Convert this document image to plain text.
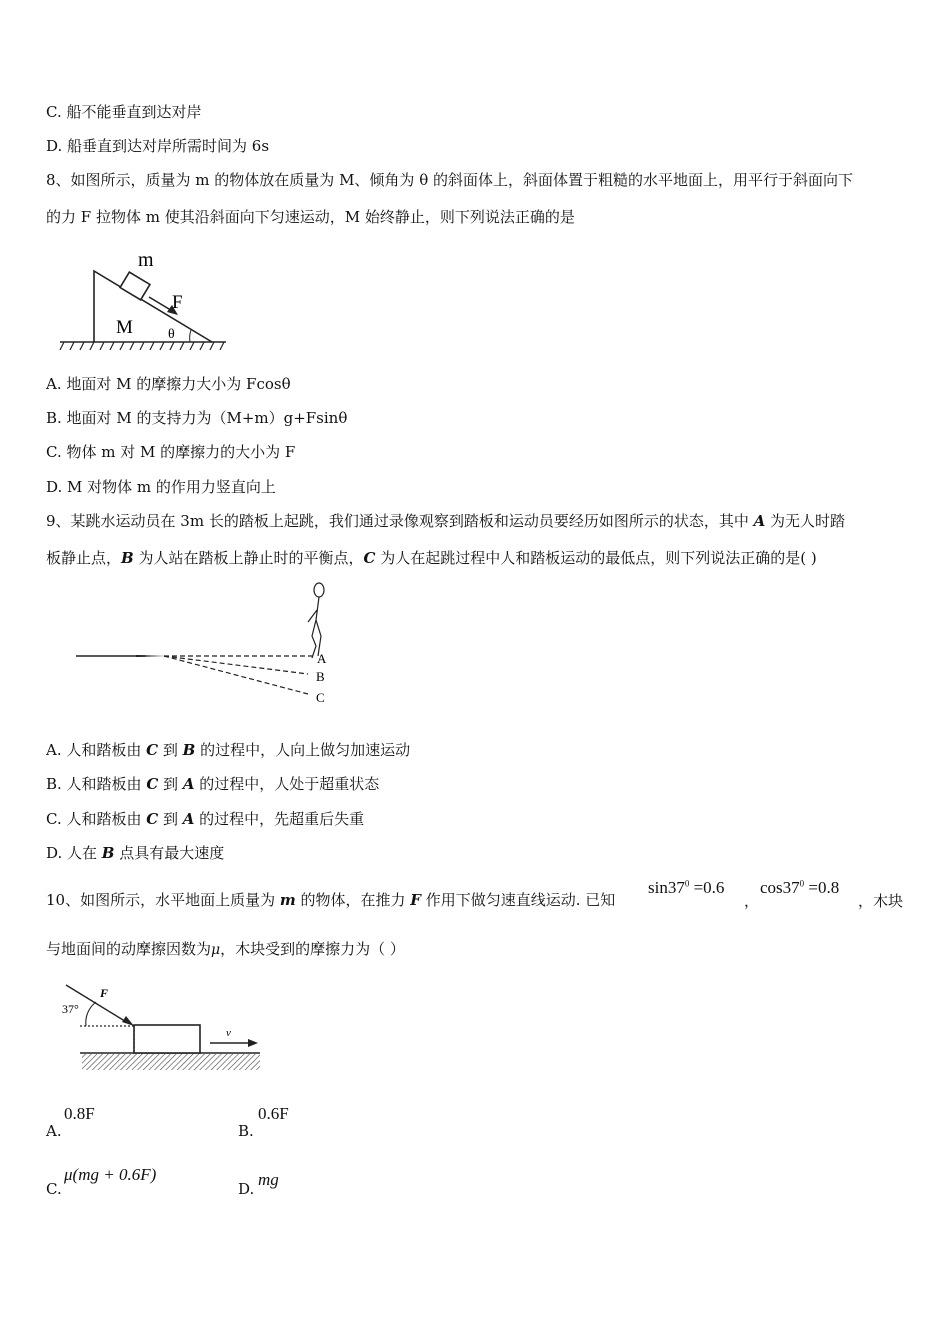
C. 船不能垂直到达对岸
D. 船垂直到达对岸所需时间为 6s
8、如图所示，质量为 m 的物体放在质量为 M、倾角为 θ 的斜面体上，斜面体置于粗糙的水平地面上，用平行于斜面向下
的力 F 拉物体 m 使其沿斜面向下匀速运动，M 始终静止，则下列说法正确的是
m
F
M	θ
A. 地面对 M 的摩擦力大小为 Fcosθ
B. 地面对 M 的支持力为（M+m）g+Fsinθ
C. 物体 m 对 M 的摩擦力的大小为 F
D. M 对物体 m 的作用力竖直向上
9、某跳水运动员在 3m 长的踏板上起跳，我们通过录像观察到踏板和运动员要经历如图所示的状态，其中 A 为无人时踏
板静止点，B 为人站在踏板上静止时的平衡点，C 为人在起跳过程中人和踏板运动的最低点，则下列说法正确的是( )
A
B
C
A. 人和踏板由 C 到 B 的过程中，人向上做匀加速运动
B. 人和踏板由 C 到 A 的过程中，人处于超重状态
C. 人和踏板由 C 到 A 的过程中，先超重后失重
D. 人在 B 点具有最大速度
10、如图所示，水平地面上质量为 m 的物体，在推力 F 作用下做匀速直线运动. 已知
$\sin 37^0 =0.6$
，
$\cos 37^0 =0.8$
，木块
与地面间的动摩擦因数为μ，木块受到的摩擦力为（ ）
37°
F
v
A.
0.8F
B.
0.6F
C.
μ(mg + 0.6F)
D. mg
